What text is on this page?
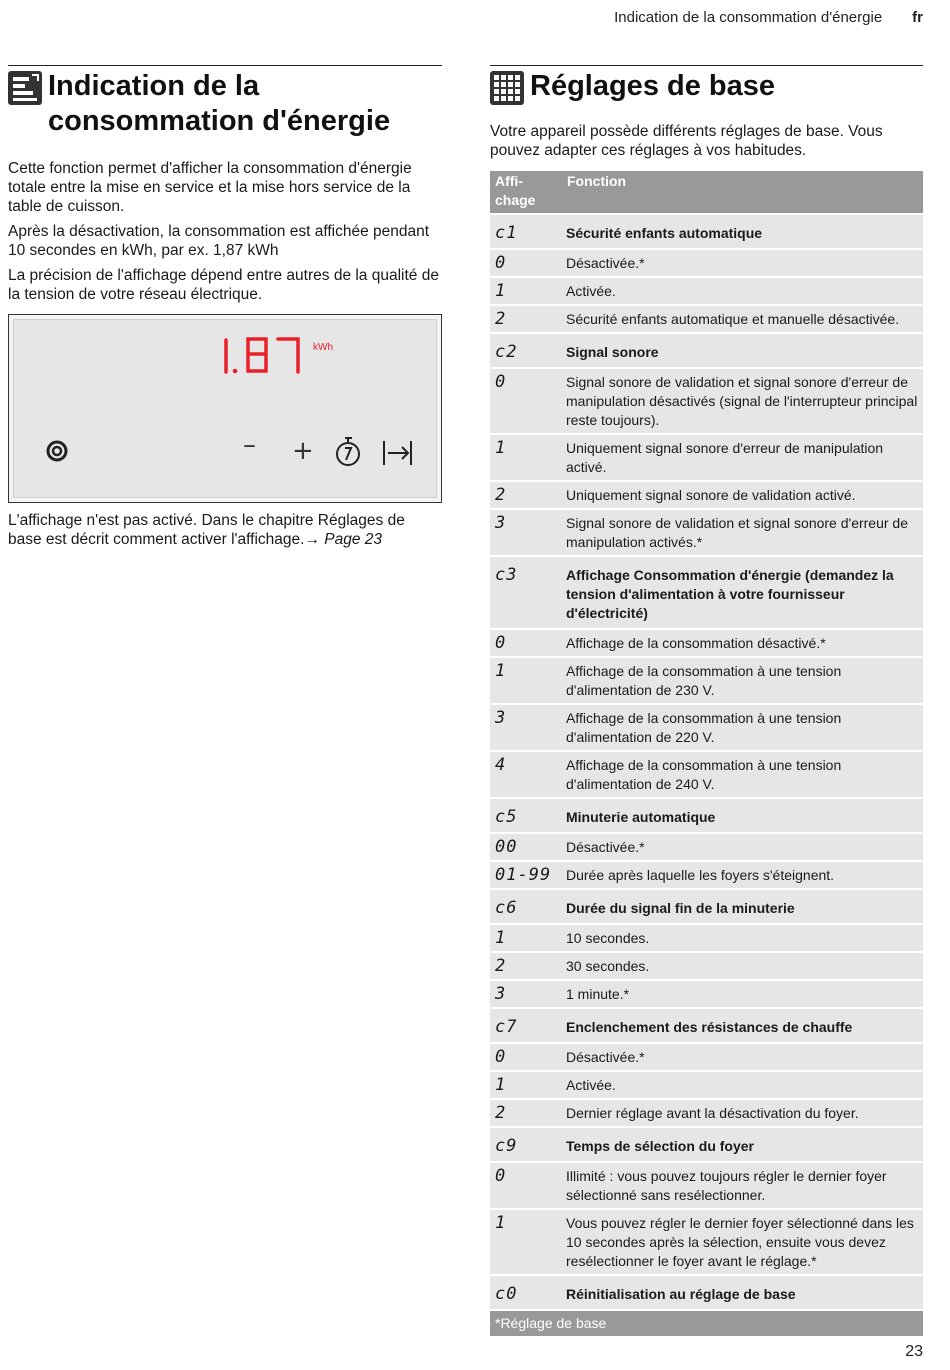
Indication de la consommation d'énergie fr
Indication de la consommation d'énergie

Cette fonction permet d'afficher la consommation d'énergie totale entre la mise en service et la mise hors service de la table de cuisson.

Après la désactivation, la consommation est affichée pendant 10 secondes en kWh, par ex. 1,87 kWh

La précision de l'affichage dépend entre autres de la qualité de la tension de votre réseau électrique.

kWh
– +

L'affichage n'est pas activé. Dans le chapitre Réglages de base est décrit comment activer l'affichage.→ Page 23

Réglages de base

Votre appareil possède différents réglages de base. Vous pouvez adapter ces réglages à vos habitudes.

Affi-
chage	Fonction

c1	Sécurité enfants automatique

0	Désactivée.*

1	Activée.

2	Sécurité enfants automatique et manuelle désactivée.

c2	Signal sonore

0	Signal sonore de validation et signal sonore d'erreur de manipulation désactivés (signal de l'interrupteur principal reste toujours).

1	Uniquement signal sonore d'erreur de manipulation activé.

2	Uniquement signal sonore de validation activé.

3	Signal sonore de validation et signal sonore d'erreur de manipulation activés.*

c3	Affichage Consommation d'énergie (demandez la tension d'alimentation à votre fournisseur d'électricité)

0	Affichage de la consommation désactivé.*

1	Affichage de la consommation à une tension d'alimentation de 230 V.

3	Affichage de la consommation à une tension d'alimentation de 220 V.

4	Affichage de la consommation à une tension d'alimentation de 240 V.

c5	Minuterie automatique

00	Désactivée.*

01-99	Durée après laquelle les foyers s'éteignent.

c6	Durée du signal fin de la minuterie

1	10 secondes.

2	30 secondes.

3	1 minute.*

c7	Enclenchement des résistances de chauffe

0	Désactivée.*

1	Activée.

2	Dernier réglage avant la désactivation du foyer.

c9	Temps de sélection du foyer

0	Illimité : vous pouvez toujours régler le dernier foyer sélectionné sans resélectionner.

1	Vous pouvez régler le dernier foyer sélectionné dans les 10 secondes après la sélection, ensuite vous devez resélectionner le foyer avant le réglage.*

c0	Réinitialisation au réglage de base
*Réglage de base	
23
